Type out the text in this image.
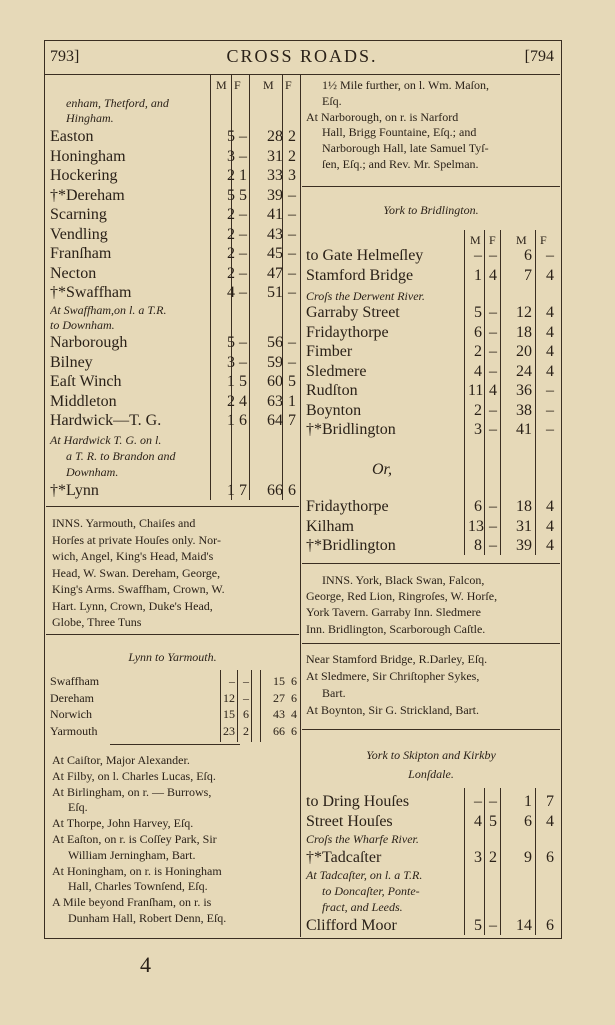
793]	CROSS ROADS.	[794
4
M F M F
enham, Thetford, and
Hingham.
Easton	5 – 28 2
Honingham	3 – 31 2
Hockering	2 1 33 3
†*Dereham	5 5 39 –
Scarning	2 – 41 –
Vendling	2 – 43 –
Franſham	2 – 45 –
Necton	2 – 47 –
†*Swaffham	4 – 51 –
At Swaffham,on l. a T.R.
to Downham.
Narborough	5 – 56 –
Bilney	3 – 59 –
Eaſt Winch	1 5 60 5
Middleton	2 4 63 1
Hardwick—T. G.	1 6 64 7
At Hardwick T. G. on l.
a T. R. to Brandon and
Downham.
†*Lynn	1 7 66 6
INNS. Yarmouth, Chaiſes and
Horſes at private Houſes only. Nor-
wich, Angel, King's Head, Maid's
Head, W. Swan. Dereham, George,
King's Arms. Swaffham, Crown, W.
Hart. Lynn, Crown, Duke's Head,
Globe, Three Tuns
Lynn to Yarmouth.
Swaffham	– –	15 6
Dereham	12 –	27 6
Norwich	15 6	43 4
Yarmouth	23 2	66 6
At Caiſtor, Major Alexander.
At Filby, on l. Charles Lucas, Eſq.
At Birlingham, on r. — Burrows,
Eſq.
At Thorpe, John Harvey, Eſq.
At Eaſton, on r. is Coſſey Park, Sir
William Jerningham, Bart.
At Honingham, on r. is Honingham
Hall, Charles Townſend, Eſq.
A Mile beyond Franſham, on r. is
Dunham Hall, Robert Denn, Eſq.
1½ Mile further, on l. Wm. Maſon,
Eſq.
At Narborough, on r. is Narford
Hall, Brigg Fountaine, Eſq.; and
Narborough Hall, late Samuel Tyſ-
ſen, Eſq.; and Rev. Mr. Spelman.
York to Bridlington.
M F M F
to Gate Helmeſley	– –	6 –
Stamford Bridge	1 4	7 4
Croſs the Derwent River.
Garraby Street	5 – 12 4
Fridaythorpe	6 – 18 4
Fimber	2 – 20 4
Sledmere	4 – 24 4
Rudſton	11 4 36 –
Boynton	2 – 38 –
†*Bridlington	3 – 41 –
Or,
Fridaythorpe	6 – 18 4
Kilham	13 – 31 4
†*Bridlington	8 – 39 4
INNS. York, Black Swan, Falcon,
George, Red Lion, Ringroſes, W. Horſe,
York Tavern. Garraby Inn. Sledmere
Inn. Bridlington, Scarborough Caſtle.
Near Stamford Bridge, R.Darley, Eſq.
At Sledmere, Sir Chriſtopher Sykes,
Bart.
At Boynton, Sir G. Strickland, Bart.
York to Skipton and Kirkby
Lonſdale.
to Dring Houſes	– –	1 7
Street Houſes	4 5	6 4
Croſs the Wharfe River.
†*Tadcaſter	3 2	9 6
At Tadcaſter, on l. a T.R.
to Doncaſter, Ponte-
fract, and Leeds.
Clifford Moor	5 – 14 6
